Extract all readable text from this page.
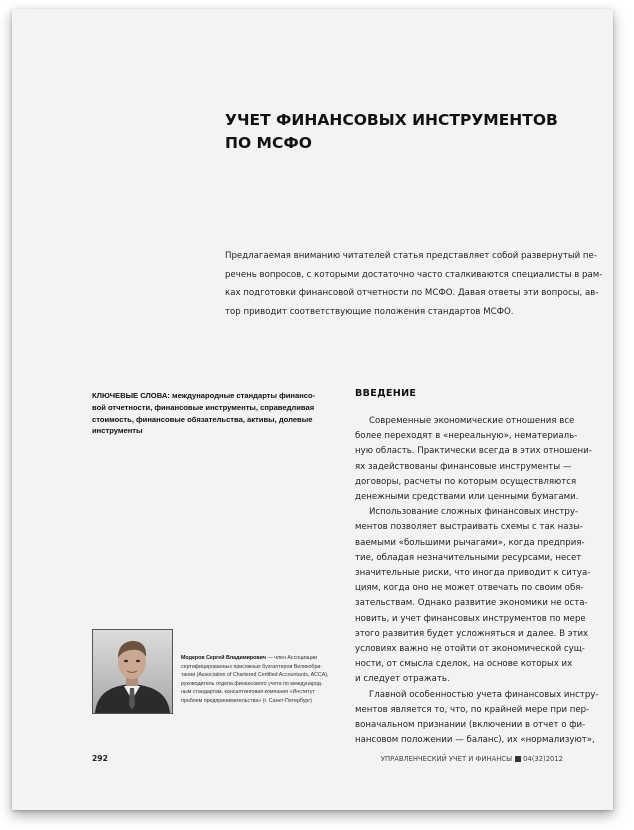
УЧЕТ ФИНАНСОВЫХ ИНСТРУМЕНТОВ
ПО МСФО
Предлагаемая вниманию читателей статья представляет собой развернутый пе-
речень вопросов, с которыми достаточно часто сталкиваются специалисты в рам-
ках подготовки финансовой отчетности по МСФО. Давая ответы эти вопросы, ав-
тор приводит соответствующие положения стандартов МСФО.
КЛЮЧЕВЫЕ СЛОВА: международные стандарты финансо-
вой отчетности, финансовые инструменты, справедливая
стоимость, финансовые обязательства, активы, долевые
инструменты
ВВЕДЕНИЕ
Современные экономические отношения все
более переходят в «нереальную», нематериаль-
ную область. Практически всегда в этих отношени-
ях задействованы финансовые инструменты —
договоры, расчеты по которым осуществляются
денежными средствами или ценными бумагами.
Использование сложных финансовых инстру-
ментов позволяет выстраивать схемы с так назы-
ваемыми «большими рычагами», когда предприя-
тие, обладая незначительными ресурсами, несет
значительные риски, что иногда приводит к ситуа-
циям, когда оно не может отвечать по своим обя-
зательствам. Однако развитие экономики не оста-
новить, и учет финансовых инструментов по мере
этого развития будет усложняться и далее. В этих
условиях важно не отойти от экономической сущ-
ности, от смысла сделок, на основе которых их
и следует отражать.
Главной особенностью учета финансовых инстру-
ментов является то, что, по крайней мере при пер-
воначальном признании (включении в отчет о фи-
нансовом положении — баланс), их «нормализуют»,
Модеров Сергей Владимирович — член Ассоциации
сертифицированных присяжных бухгалтеров Великобри-
тании (Association of Chartered Certified Accountants, ACCA),
руководитель отдела финансового учета по международ-
ным стандартам, консалтинговая компания «Институт
проблем предпринимательства» (г. Санкт-Петербург)
292	УПРАВЛЕНЧЕСКИЙ УЧЕТ И ФИНАНСЫ 04(32)2012
